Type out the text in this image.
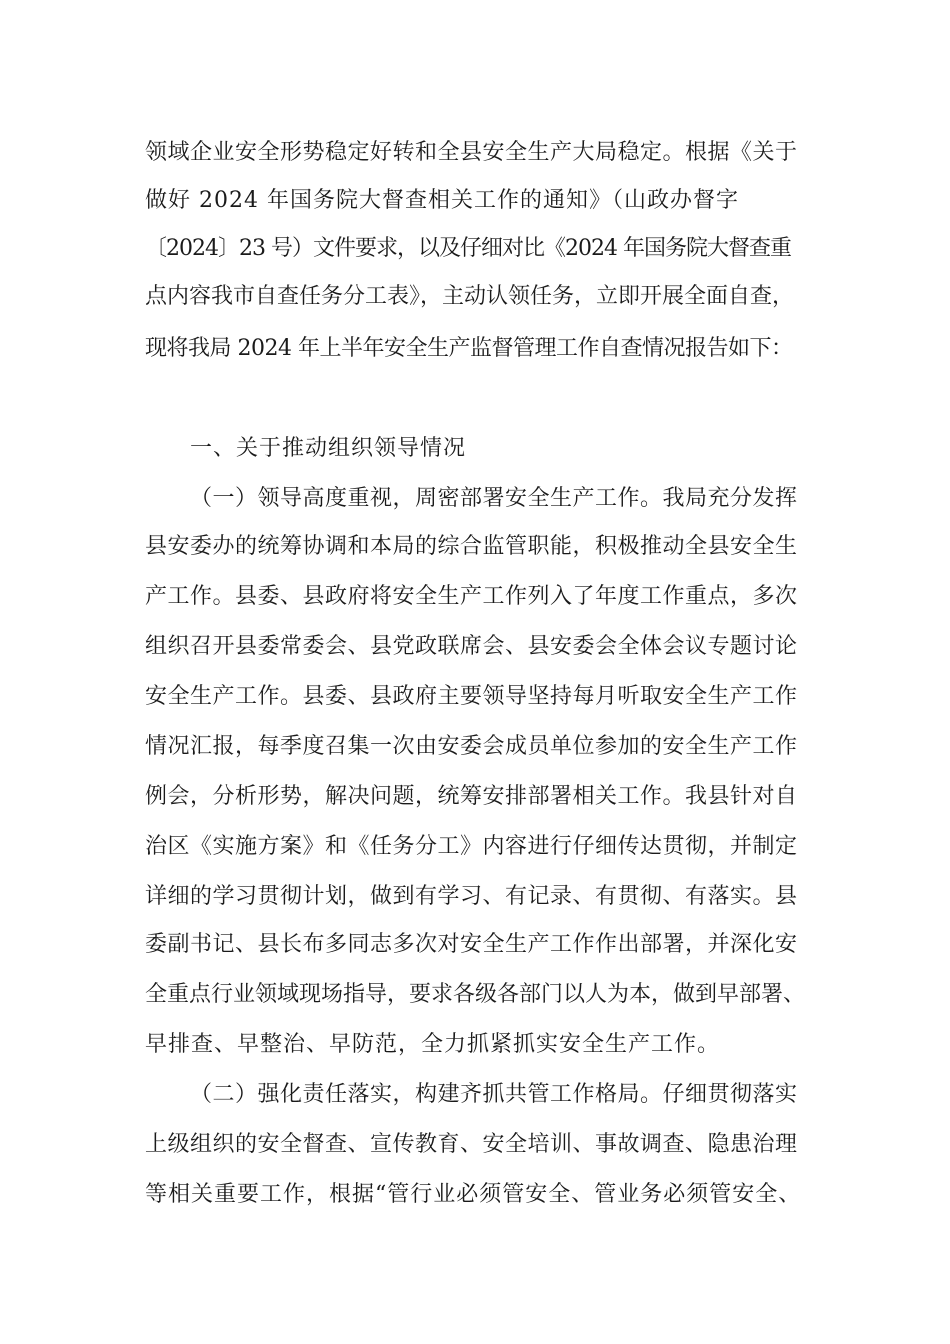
领域企业安全形势稳定好转和全县安全生产大局稳定。根据《关于
做好 2024 年国务院大督查相关工作的通知》（山政办督字
〔2024〕23 号）文件要求，以及仔细对比《2024 年国务院大督查重
点内容我市自查任务分工表》，主动认领任务，立即开展全面自查，
现将我局 2024 年上半年安全生产监督管理工作自查情况报告如下：
一、关于推动组织领导情况
（一）领导高度重视，周密部署安全生产工作。我局充分发挥
县安委办的统筹协调和本局的综合监管职能，积极推动全县安全生
产工作。县委、县政府将安全生产工作列入了年度工作重点，多次
组织召开县委常委会、县党政联席会、县安委会全体会议专题讨论
安全生产工作。县委、县政府主要领导坚持每月听取安全生产工作
情况汇报，每季度召集一次由安委会成员单位参加的安全生产工作
例会，分析形势，解决问题，统筹安排部署相关工作。我县针对自
治区《实施方案》和《任务分工》内容进行仔细传达贯彻，并制定
详细的学习贯彻计划，做到有学习、有记录、有贯彻、有落实。县
委副书记、县长布多同志多次对安全生产工作作出部署，并深化安
全重点行业领域现场指导，要求各级各部门以人为本，做到早部署、
早排查、早整治、早防范，全力抓紧抓实安全生产工作。
（二）强化责任落实，构建齐抓共管工作格局。仔细贯彻落实
上级组织的安全督查、宣传教育、安全培训、事故调查、隐患治理
等相关重要工作，根据“管行业必须管安全、管业务必须管安全、
